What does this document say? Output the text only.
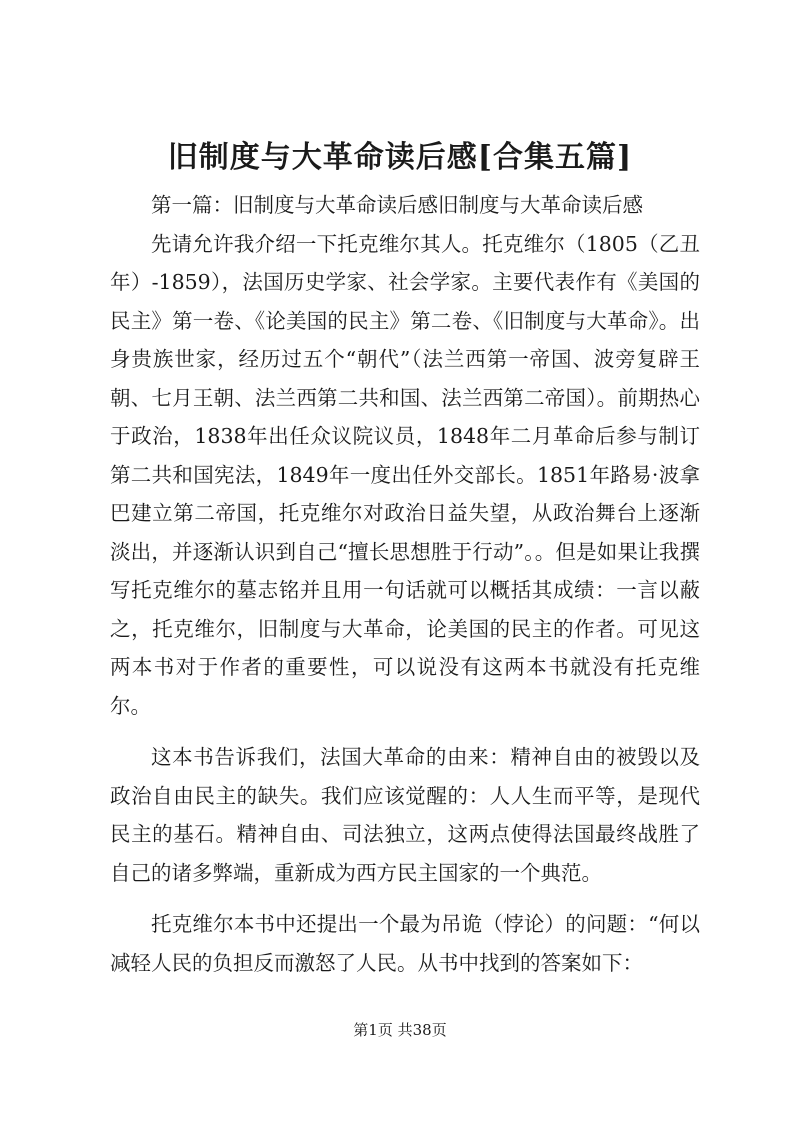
旧制度与大革命读后感[合集五篇]

第一篇：旧制度与大革命读后感旧制度与大革命读后感

先请允许我介绍一下托克维尔其人。托克维尔（1805（乙丑年）-1859），法国历史学家、社会学家。主要代表作有《美国的民主》第一卷、《论美国的民主》第二卷、《旧制度与大革命》。出身贵族世家，经历过五个“朝代”（法兰西第一帝国、波旁复辟王朝、七月王朝、法兰西第二共和国、法兰西第二帝国）。前期热心于政治，1838年出任众议院议员，1848年二月革命后参与制订第二共和国宪法，1849年一度出任外交部长。1851年路易·波拿巴建立第二帝国，托克维尔对政治日益失望，从政治舞台上逐渐淡出，并逐渐认识到自己“擅长思想胜于行动”。。但是如果让我撰写托克维尔的墓志铭并且用一句话就可以概括其成绩：一言以蔽之，托克维尔，旧制度与大革命，论美国的民主的作者。可见这两本书对于作者的重要性，可以说没有这两本书就没有托克维尔。

这本书告诉我们，法国大革命的由来：精神自由的被毁以及政治自由民主的缺失。我们应该觉醒的：人人生而平等，是现代民主的基石。精神自由、司法独立，这两点使得法国最终战胜了自己的诸多弊端，重新成为西方民主国家的一个典范。

托克维尔本书中还提出一个最为吊诡（悖论）的问题：“何以减轻人民的负担反而激怒了人民。从书中找到的答案如下：

第1页 共38页
